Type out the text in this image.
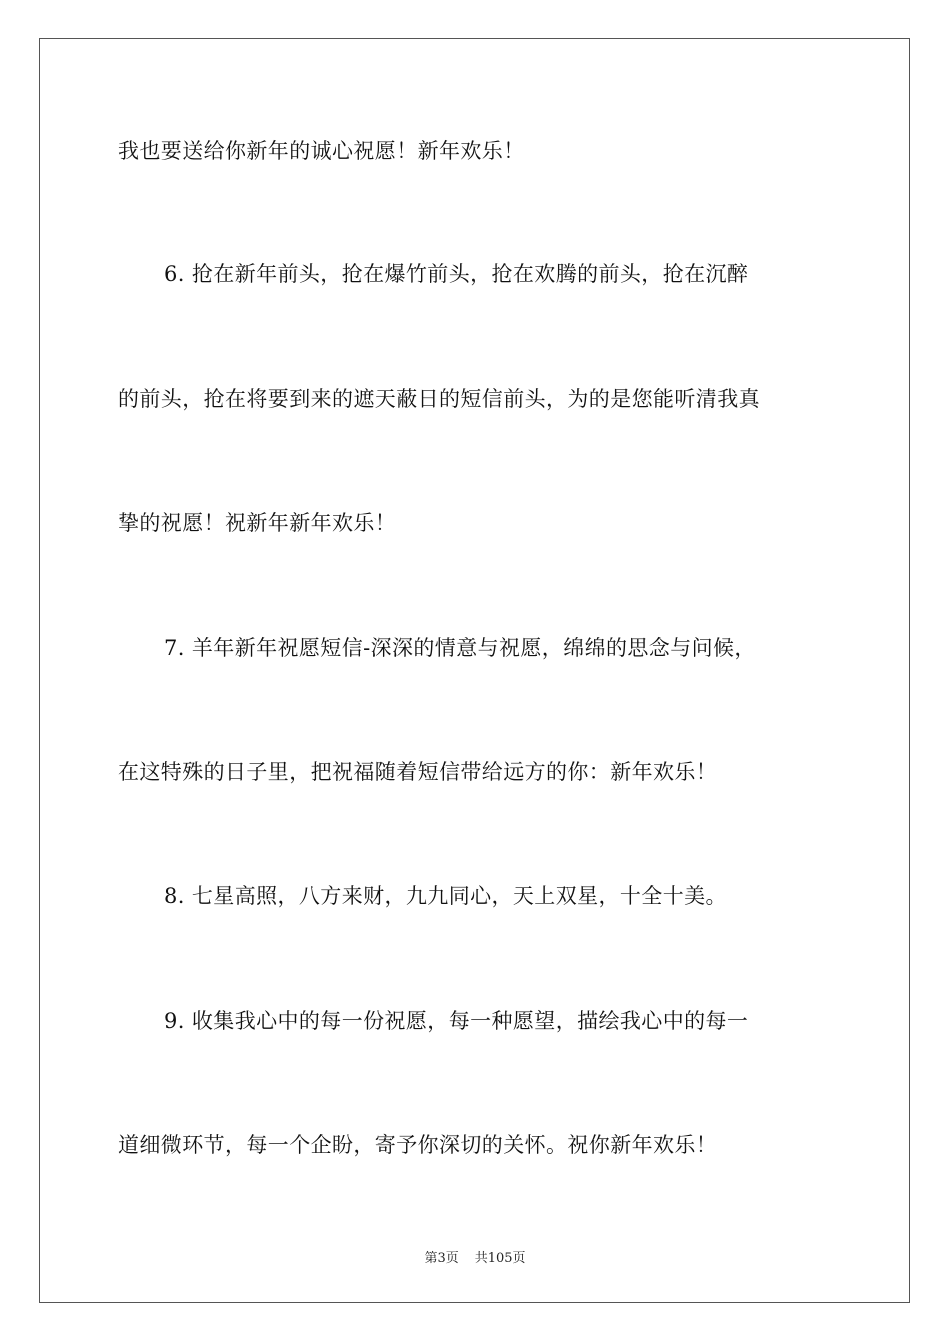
我也要送给你新年的诚心祝愿！新年欢乐！
6. 抢在新年前头，抢在爆竹前头，抢在欢腾的前头，抢在沉醉
的前头，抢在将要到来的遮天蔽日的短信前头，为的是您能听清我真
挚的祝愿！祝新年新年欢乐！
7. 羊年新年祝愿短信-深深的情意与祝愿，绵绵的思念与问候，
在这特殊的日子里，把祝福随着短信带给远方的你：新年欢乐！
8. 七星高照，八方来财，九九同心，天上双星，十全十美。
9. 收集我心中的每一份祝愿，每一种愿望，描绘我心中的每一
道细微环节，每一个企盼，寄予你深切的关怀。祝你新年欢乐！
第3页 共105页
